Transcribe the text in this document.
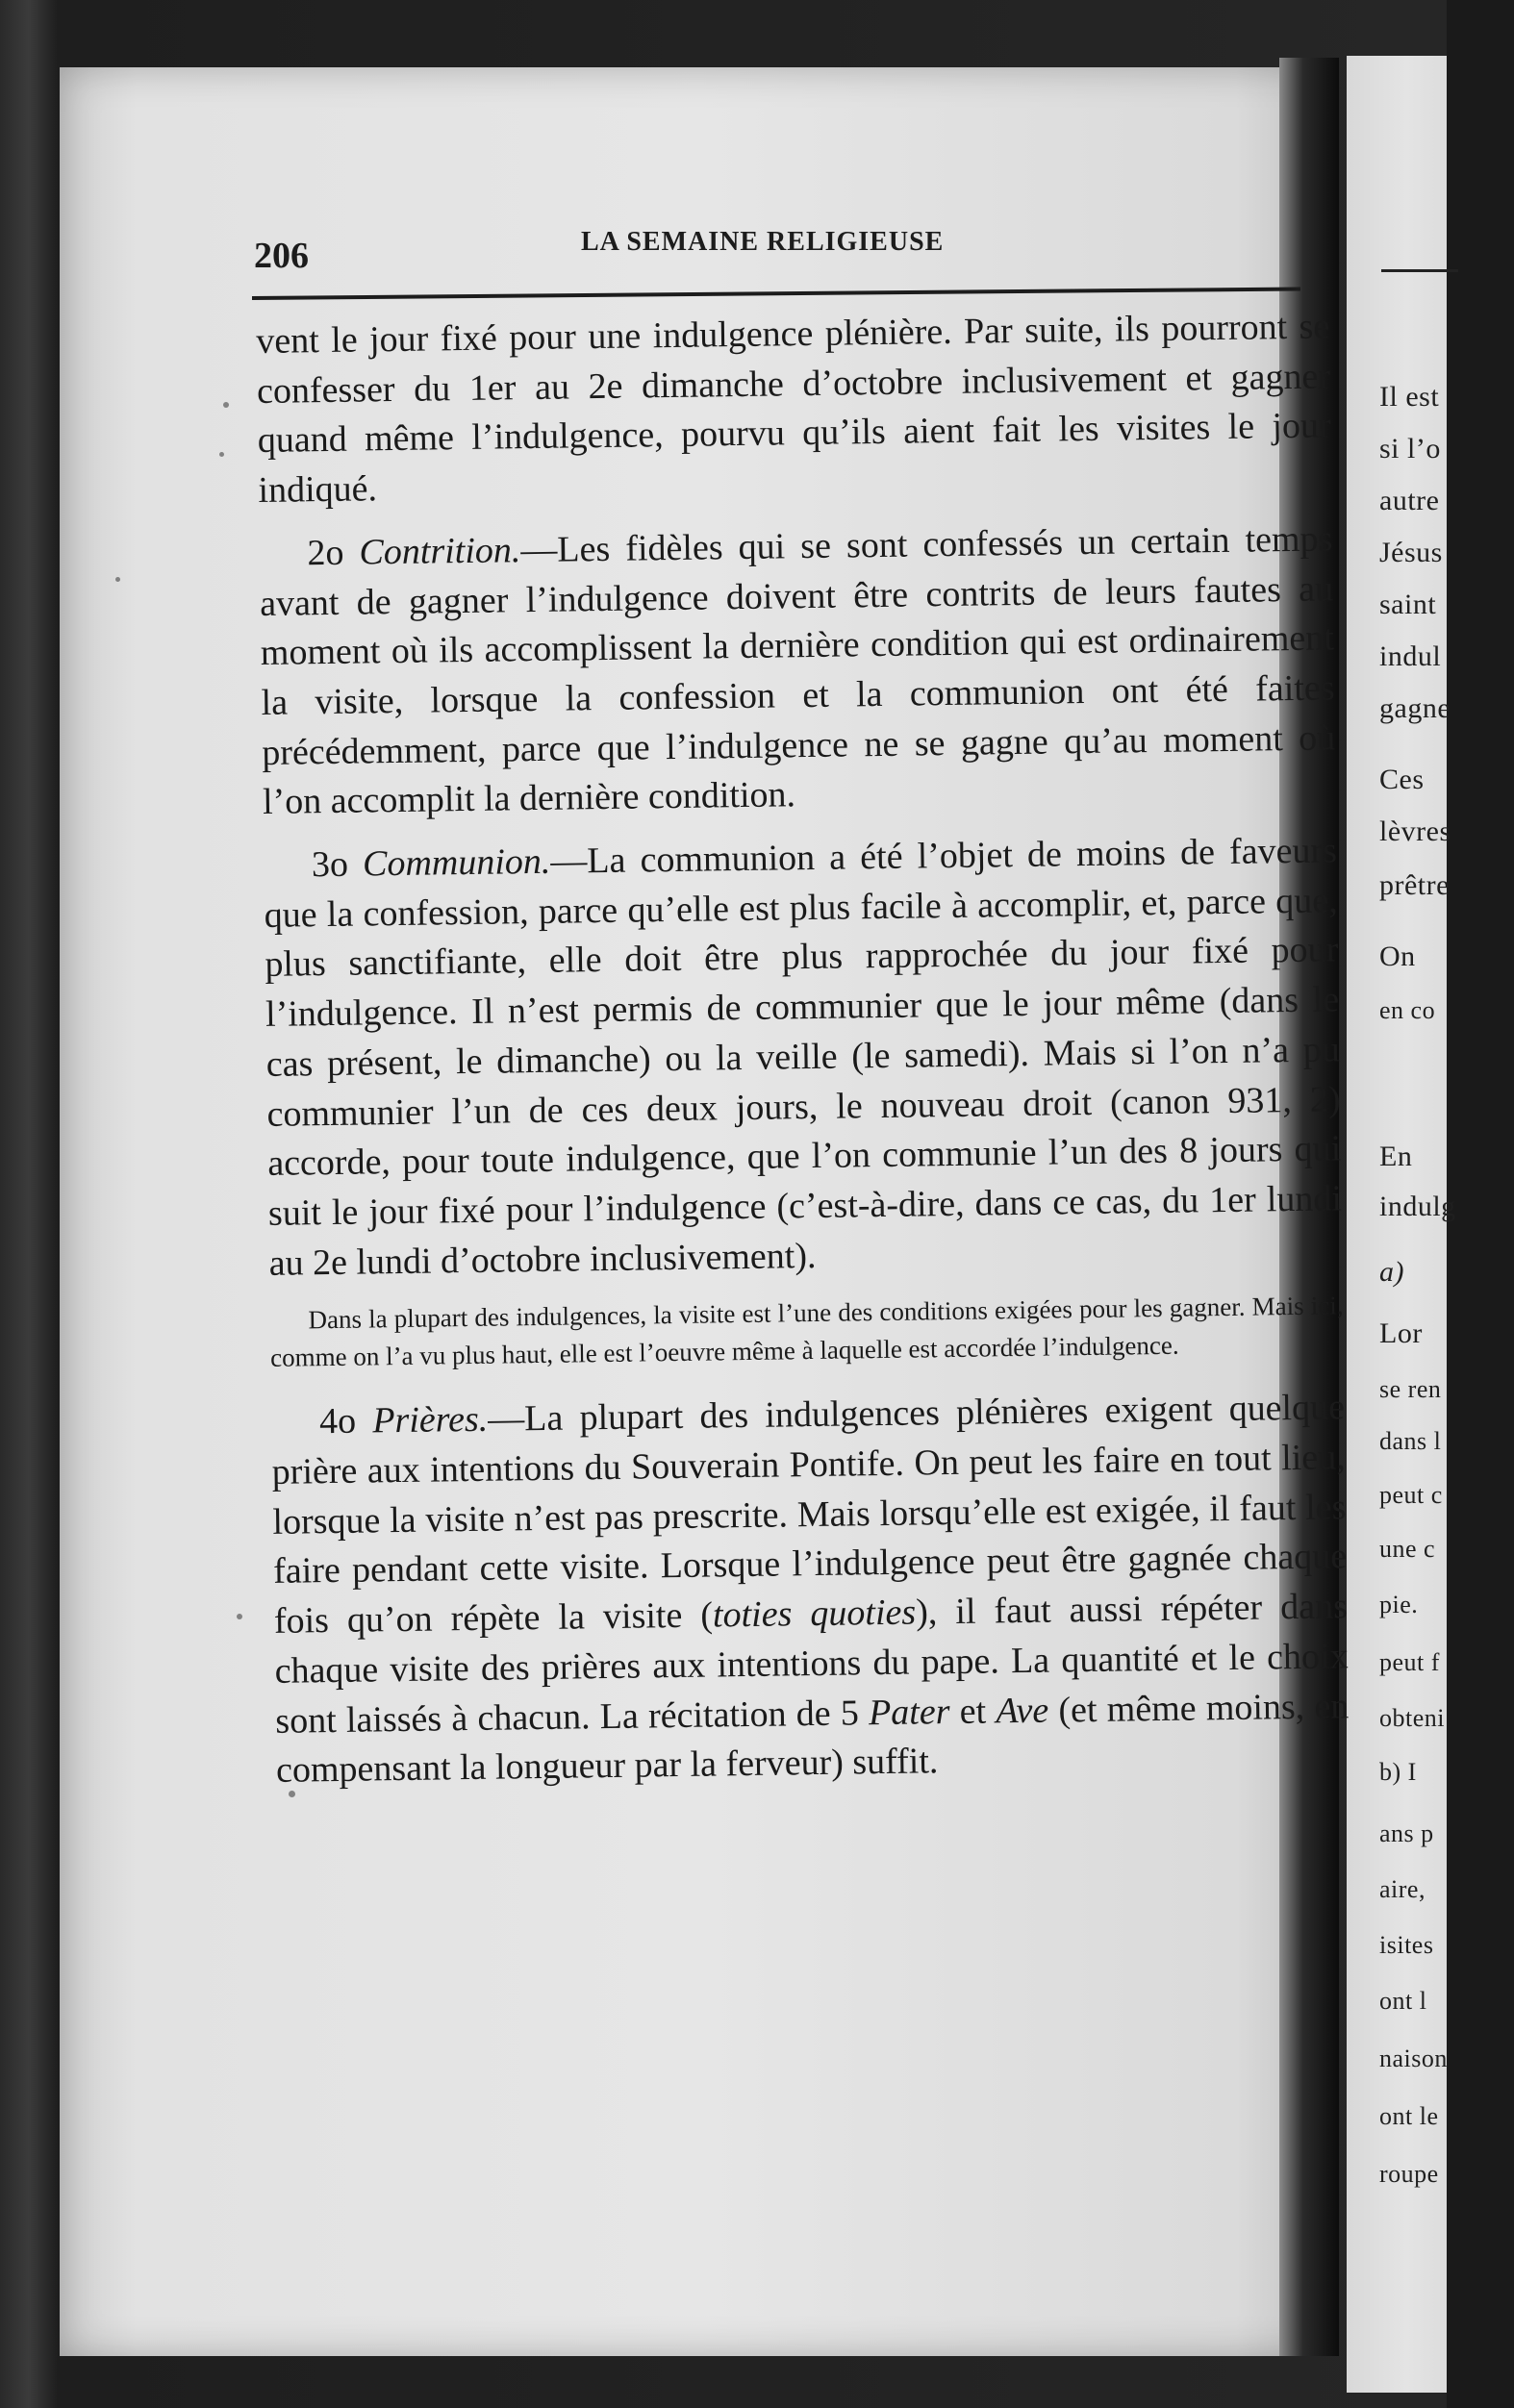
Il est
si l’o
autre
Jésus
saint
indul
gagne
Ces
lèvres
prêtre
On
en co
En
indulg
a)
Lor
se ren
dans l
peut c
une c
pie.
peut f
obteni
b) I
ans p
aire,
isites
ont l
naison
ont le
roupe
206	LA SEMAINE RELIGIEUSE

vent le jour fixé pour une indulgence plénière. Par suite, ils pourront se confesser du 1er au 2e dimanche d’octobre inclusivement et gagner quand même l’indulgence, pourvu qu’ils aient fait les visites le jour indiqué.

2o Contrition.—Les fidèles qui se sont confessés un certain temps avant de gagner l’indulgence doivent être contrits de leurs fautes au moment où ils accomplissent la dernière condition qui est ordinairement la visite, lorsque la confession et la communion ont été faites précédemment, parce que l’indulgence ne se gagne qu’au moment où l’on accomplit la dernière condition.

3o Communion.—La communion a été l’objet de moins de faveurs que la confession, parce qu’elle est plus facile à accomplir, et, parce que, plus sanctifiante, elle doit être plus rapprochée du jour fixé pour l’indulgence. Il n’est permis de communier que le jour même (dans le cas présent, le dimanche) ou la veille (le samedi). Mais si l’on n’a pu communier l’un de ces deux jours, le nouveau droit (canon 931, 2) accorde, pour toute indulgence, que l’on communie l’un des 8 jours qui suit le jour fixé pour l’indulgence (c’est-à-dire, dans ce cas, du 1er lundi au 2e lundi d’octobre inclusivement).

Dans la plupart des indulgences, la visite est l’une des conditions exigées pour les gagner. Mais ici, comme on l’a vu plus haut, elle est l’oeuvre même à laquelle est accordée l’indulgence.

4o Prières.—La plupart des indulgences plénières exigent quelque prière aux intentions du Souverain Pontife. On peut les faire en tout lieu, lorsque la visite n’est pas prescrite. Mais lorsqu’elle est exigée, il faut les faire pendant cette visite. Lorsque l’indulgence peut être gagnée chaque fois qu’on répète la visite (toties quoties), il faut aussi répéter dans chaque visite des prières aux intentions du pape. La quantité et le choix sont laissés à chacun. La récitation de 5 Pater et Ave (et même moins, en compensant la longueur par la ferveur) suffit.
